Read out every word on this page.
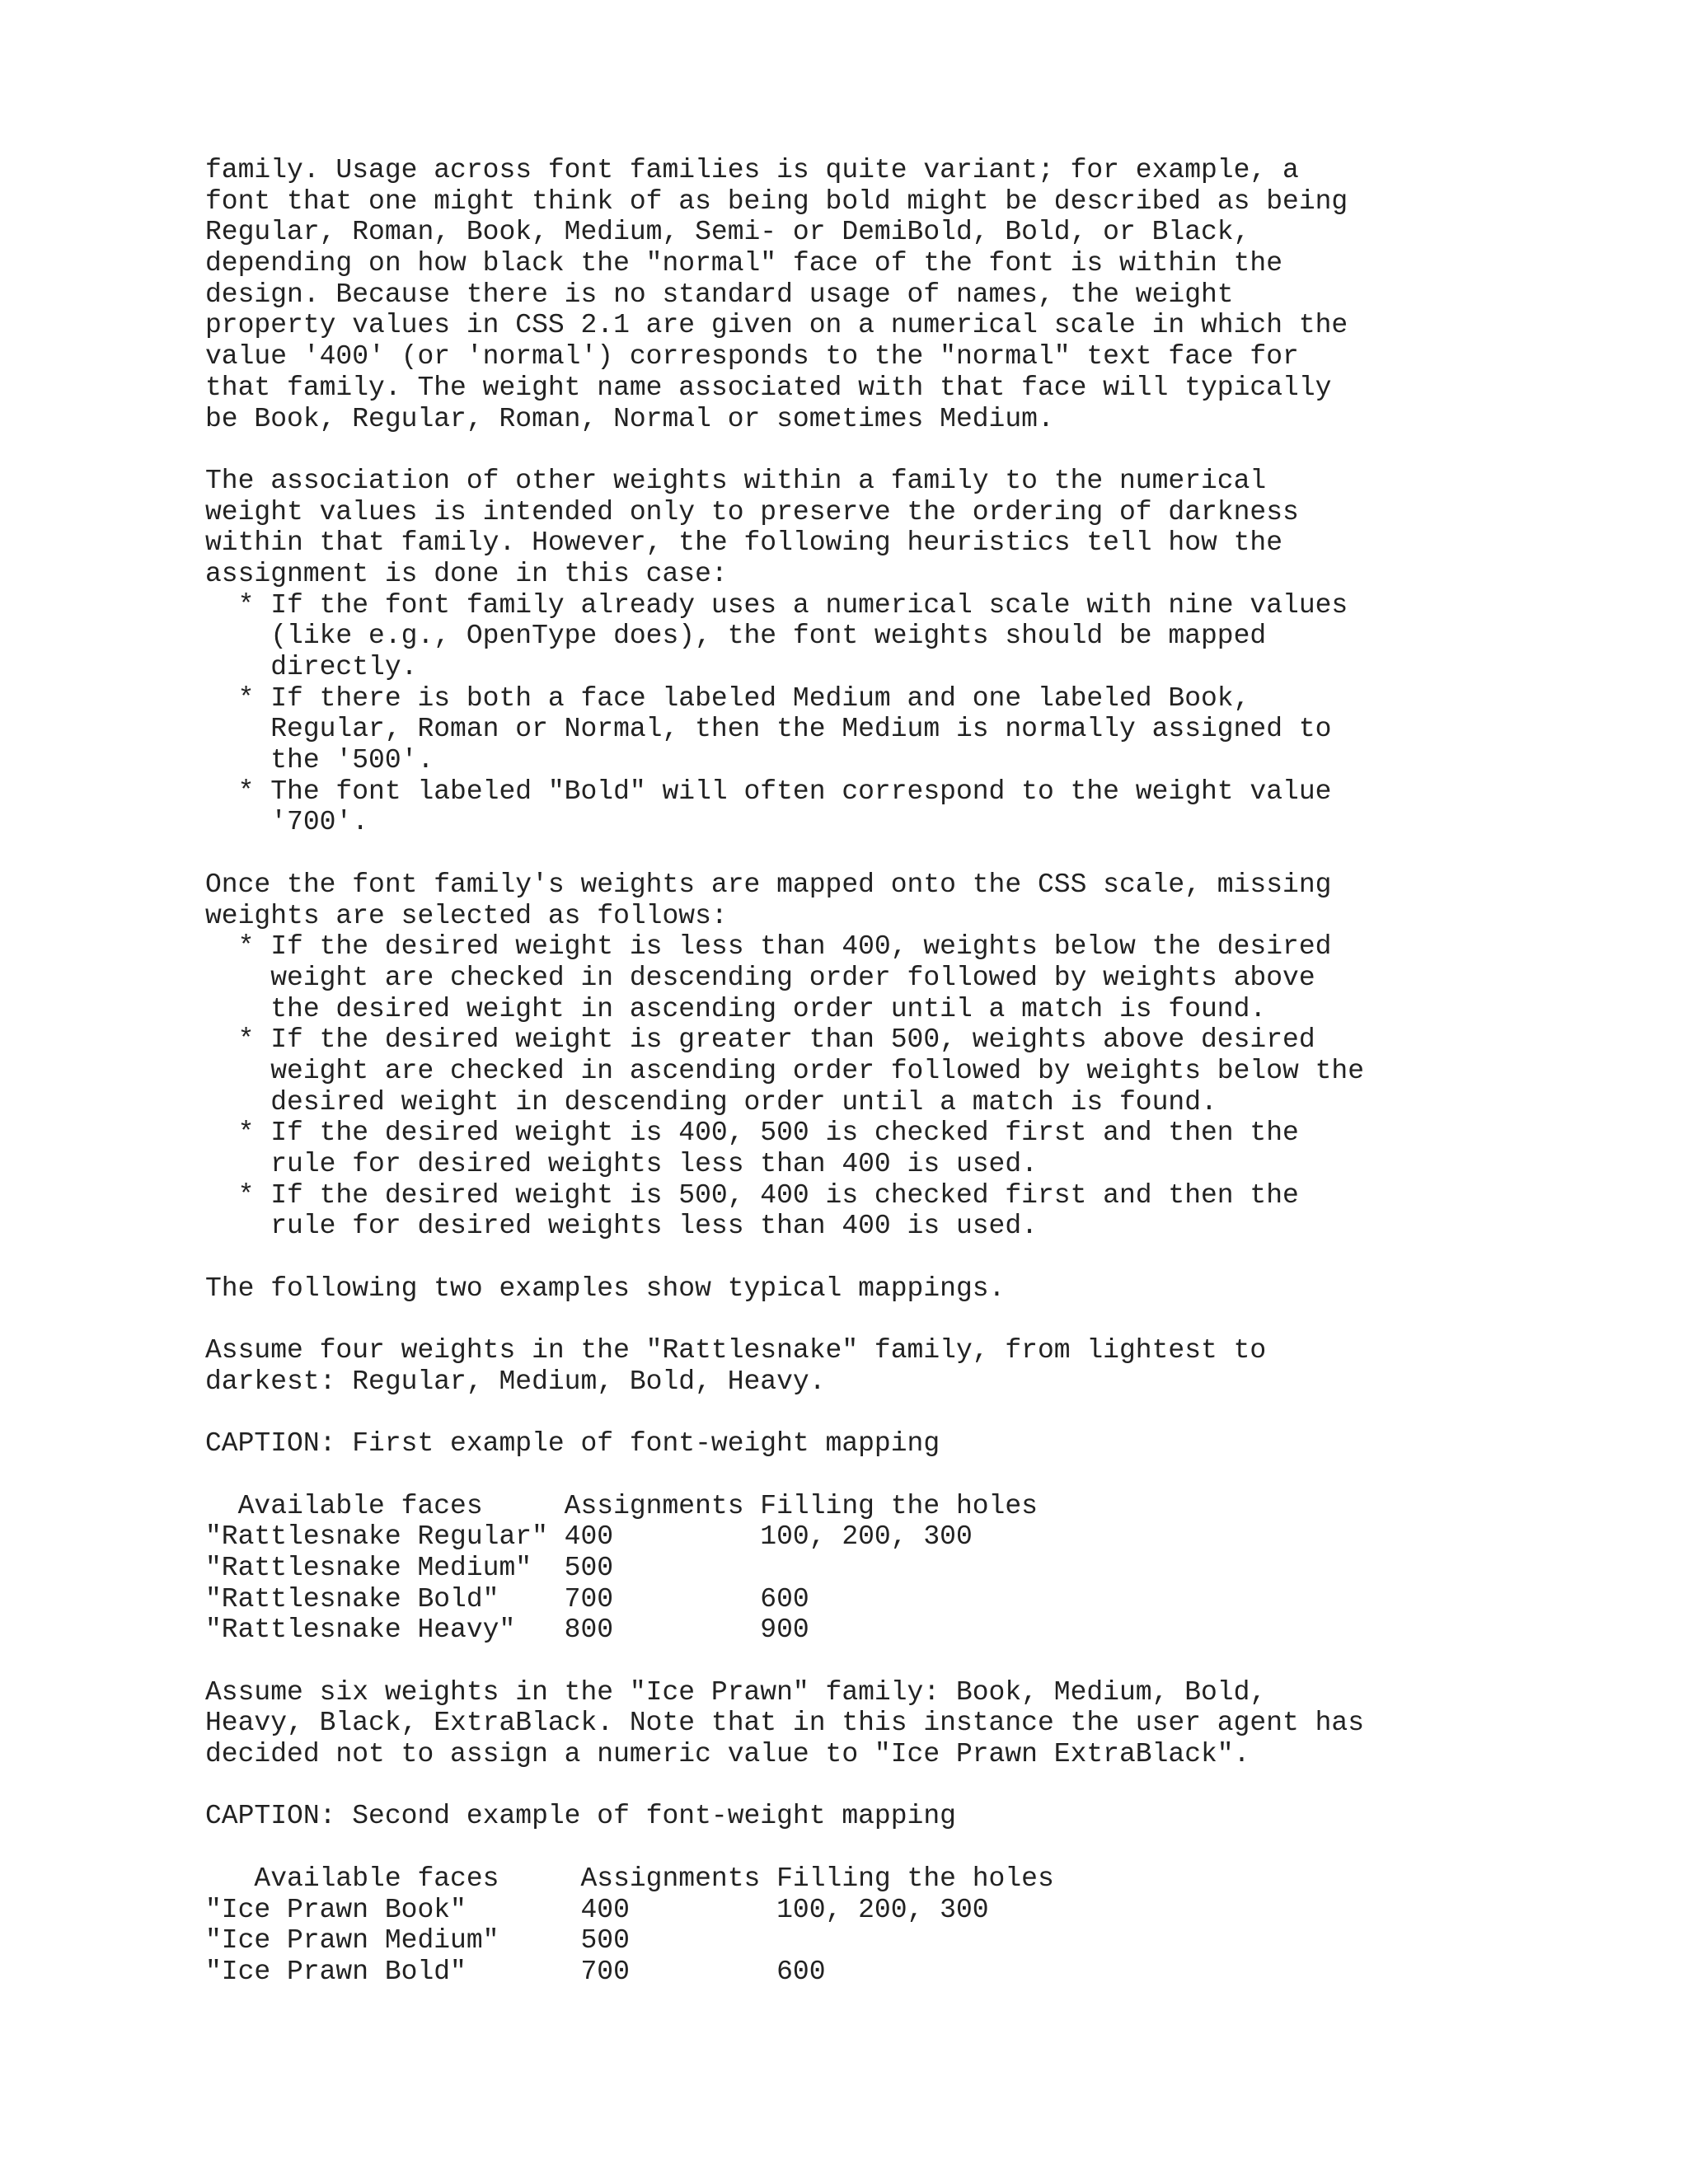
family. Usage across font families is quite variant; for example, a
font that one might think of as being bold might be described as being
Regular, Roman, Book, Medium, Semi- or DemiBold, Bold, or Black,
depending on how black the "normal" face of the font is within the
design. Because there is no standard usage of names, the weight
property values in CSS 2.1 are given on a numerical scale in which the
value '400' (or 'normal') corresponds to the "normal" text face for
that family. The weight name associated with that face will typically
be Book, Regular, Roman, Normal or sometimes Medium.
The association of other weights within a family to the numerical
weight values is intended only to preserve the ordering of darkness
within that family. However, the following heuristics tell how the
assignment is done in this case:
* If the font family already uses a numerical scale with nine values
(like e.g., OpenType does), the font weights should be mapped
directly.
* If there is both a face labeled Medium and one labeled Book,
Regular, Roman or Normal, then the Medium is normally assigned to
the '500'.
* The font labeled "Bold" will often correspond to the weight value
'700'.
Once the font family's weights are mapped onto the CSS scale, missing
weights are selected as follows:
* If the desired weight is less than 400, weights below the desired
weight are checked in descending order followed by weights above
the desired weight in ascending order until a match is found.
* If the desired weight is greater than 500, weights above desired
weight are checked in ascending order followed by weights below the
desired weight in descending order until a match is found.
* If the desired weight is 400, 500 is checked first and then the
rule for desired weights less than 400 is used.
* If the desired weight is 500, 400 is checked first and then the
rule for desired weights less than 400 is used.
The following two examples show typical mappings.
Assume four weights in the "Rattlesnake" family, from lightest to
darkest: Regular, Medium, Bold, Heavy.
CAPTION: First example of font-weight mapping
Available faces     Assignments Filling the holes
"Rattlesnake Regular" 400         100, 200, 300
"Rattlesnake Medium"  500
"Rattlesnake Bold"    700         600
"Rattlesnake Heavy"   800         900
Assume six weights in the "Ice Prawn" family: Book, Medium, Bold,
Heavy, Black, ExtraBlack. Note that in this instance the user agent has
decided not to assign a numeric value to "Ice Prawn ExtraBlack".
CAPTION: Second example of font-weight mapping
Available faces     Assignments Filling the holes
"Ice Prawn Book"       400         100, 200, 300
"Ice Prawn Medium"     500
"Ice Prawn Bold"       700         600
